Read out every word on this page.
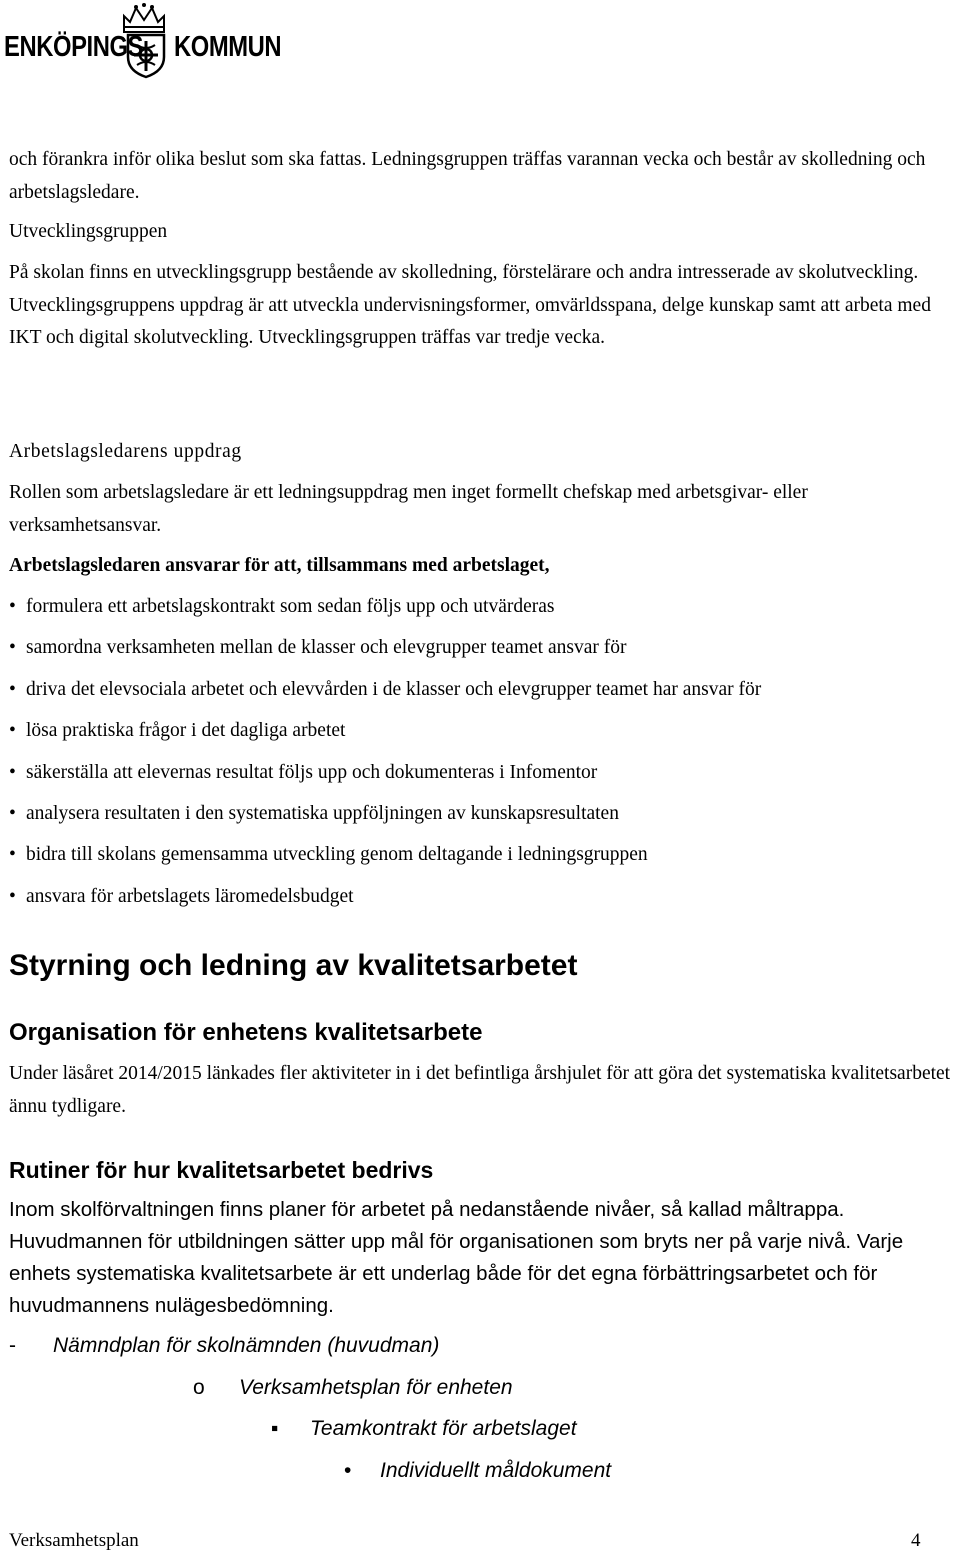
ENKÖPINGS KOMMUN
och förankra inför olika beslut som ska fattas. Ledningsgruppen träffas varannan vecka och består av skolledning och arbetslagsledare.
Utvecklingsgruppen
På skolan finns en utvecklingsgrupp bestående av skolledning, förstelärare och andra intresserade av skolutveckling. Utvecklingsgruppens uppdrag är att utveckla undervisningsformer, omvärldsspana, delge kunskap samt att arbeta med IKT och digital skolutveckling. Utvecklingsgruppen träffas var tredje vecka.
Arbetslagsledarens uppdrag
Rollen som arbetslagsledare är ett ledningsuppdrag men inget formellt chefskap med arbetsgivar- eller verksamhetsansvar.
Arbetslagsledaren ansvarar för att, tillsammans med arbetslaget,
• formulera ett arbetslagskontrakt som sedan följs upp och utvärderas
• samordna verksamheten mellan de klasser och elevgrupper teamet ansvar för
• driva det elevsociala arbetet och elevvården i de klasser och elevgrupper teamet har ansvar för
• lösa praktiska frågor i det dagliga arbetet
• säkerställa att elevernas resultat följs upp och dokumenteras i Infomentor
• analysera resultaten i den systematiska uppföljningen av kunskapsresultaten
• bidra till skolans gemensamma utveckling genom deltagande i ledningsgruppen
• ansvara för arbetslagets läromedelsbudget
Styrning och ledning av kvalitetsarbetet
Organisation för enhetens kvalitetsarbete
Under läsåret 2014/2015 länkades fler aktiviteter in i det befintliga årshjulet för att göra det systematiska kvalitetsarbetet ännu tydligare.
Rutiner för hur kvalitetsarbetet bedrivs
Inom skolförvaltningen finns planer för arbetet på nedanstående nivåer, så kallad måltrappa. Huvudmannen för utbildningen sätter upp mål för organisationen som bryts ner på varje nivå. Varje enhets systematiska kvalitetsarbete är ett underlag både för det egna förbättringsarbetet och för huvudmannens nulägesbedömning.
- Nämndplan för skolnämnden (huvudman)
o Verksamhetsplan för enheten
▪ Teamkontrakt för arbetslaget
• Individuellt måldokument
Verksamhetsplan	4
